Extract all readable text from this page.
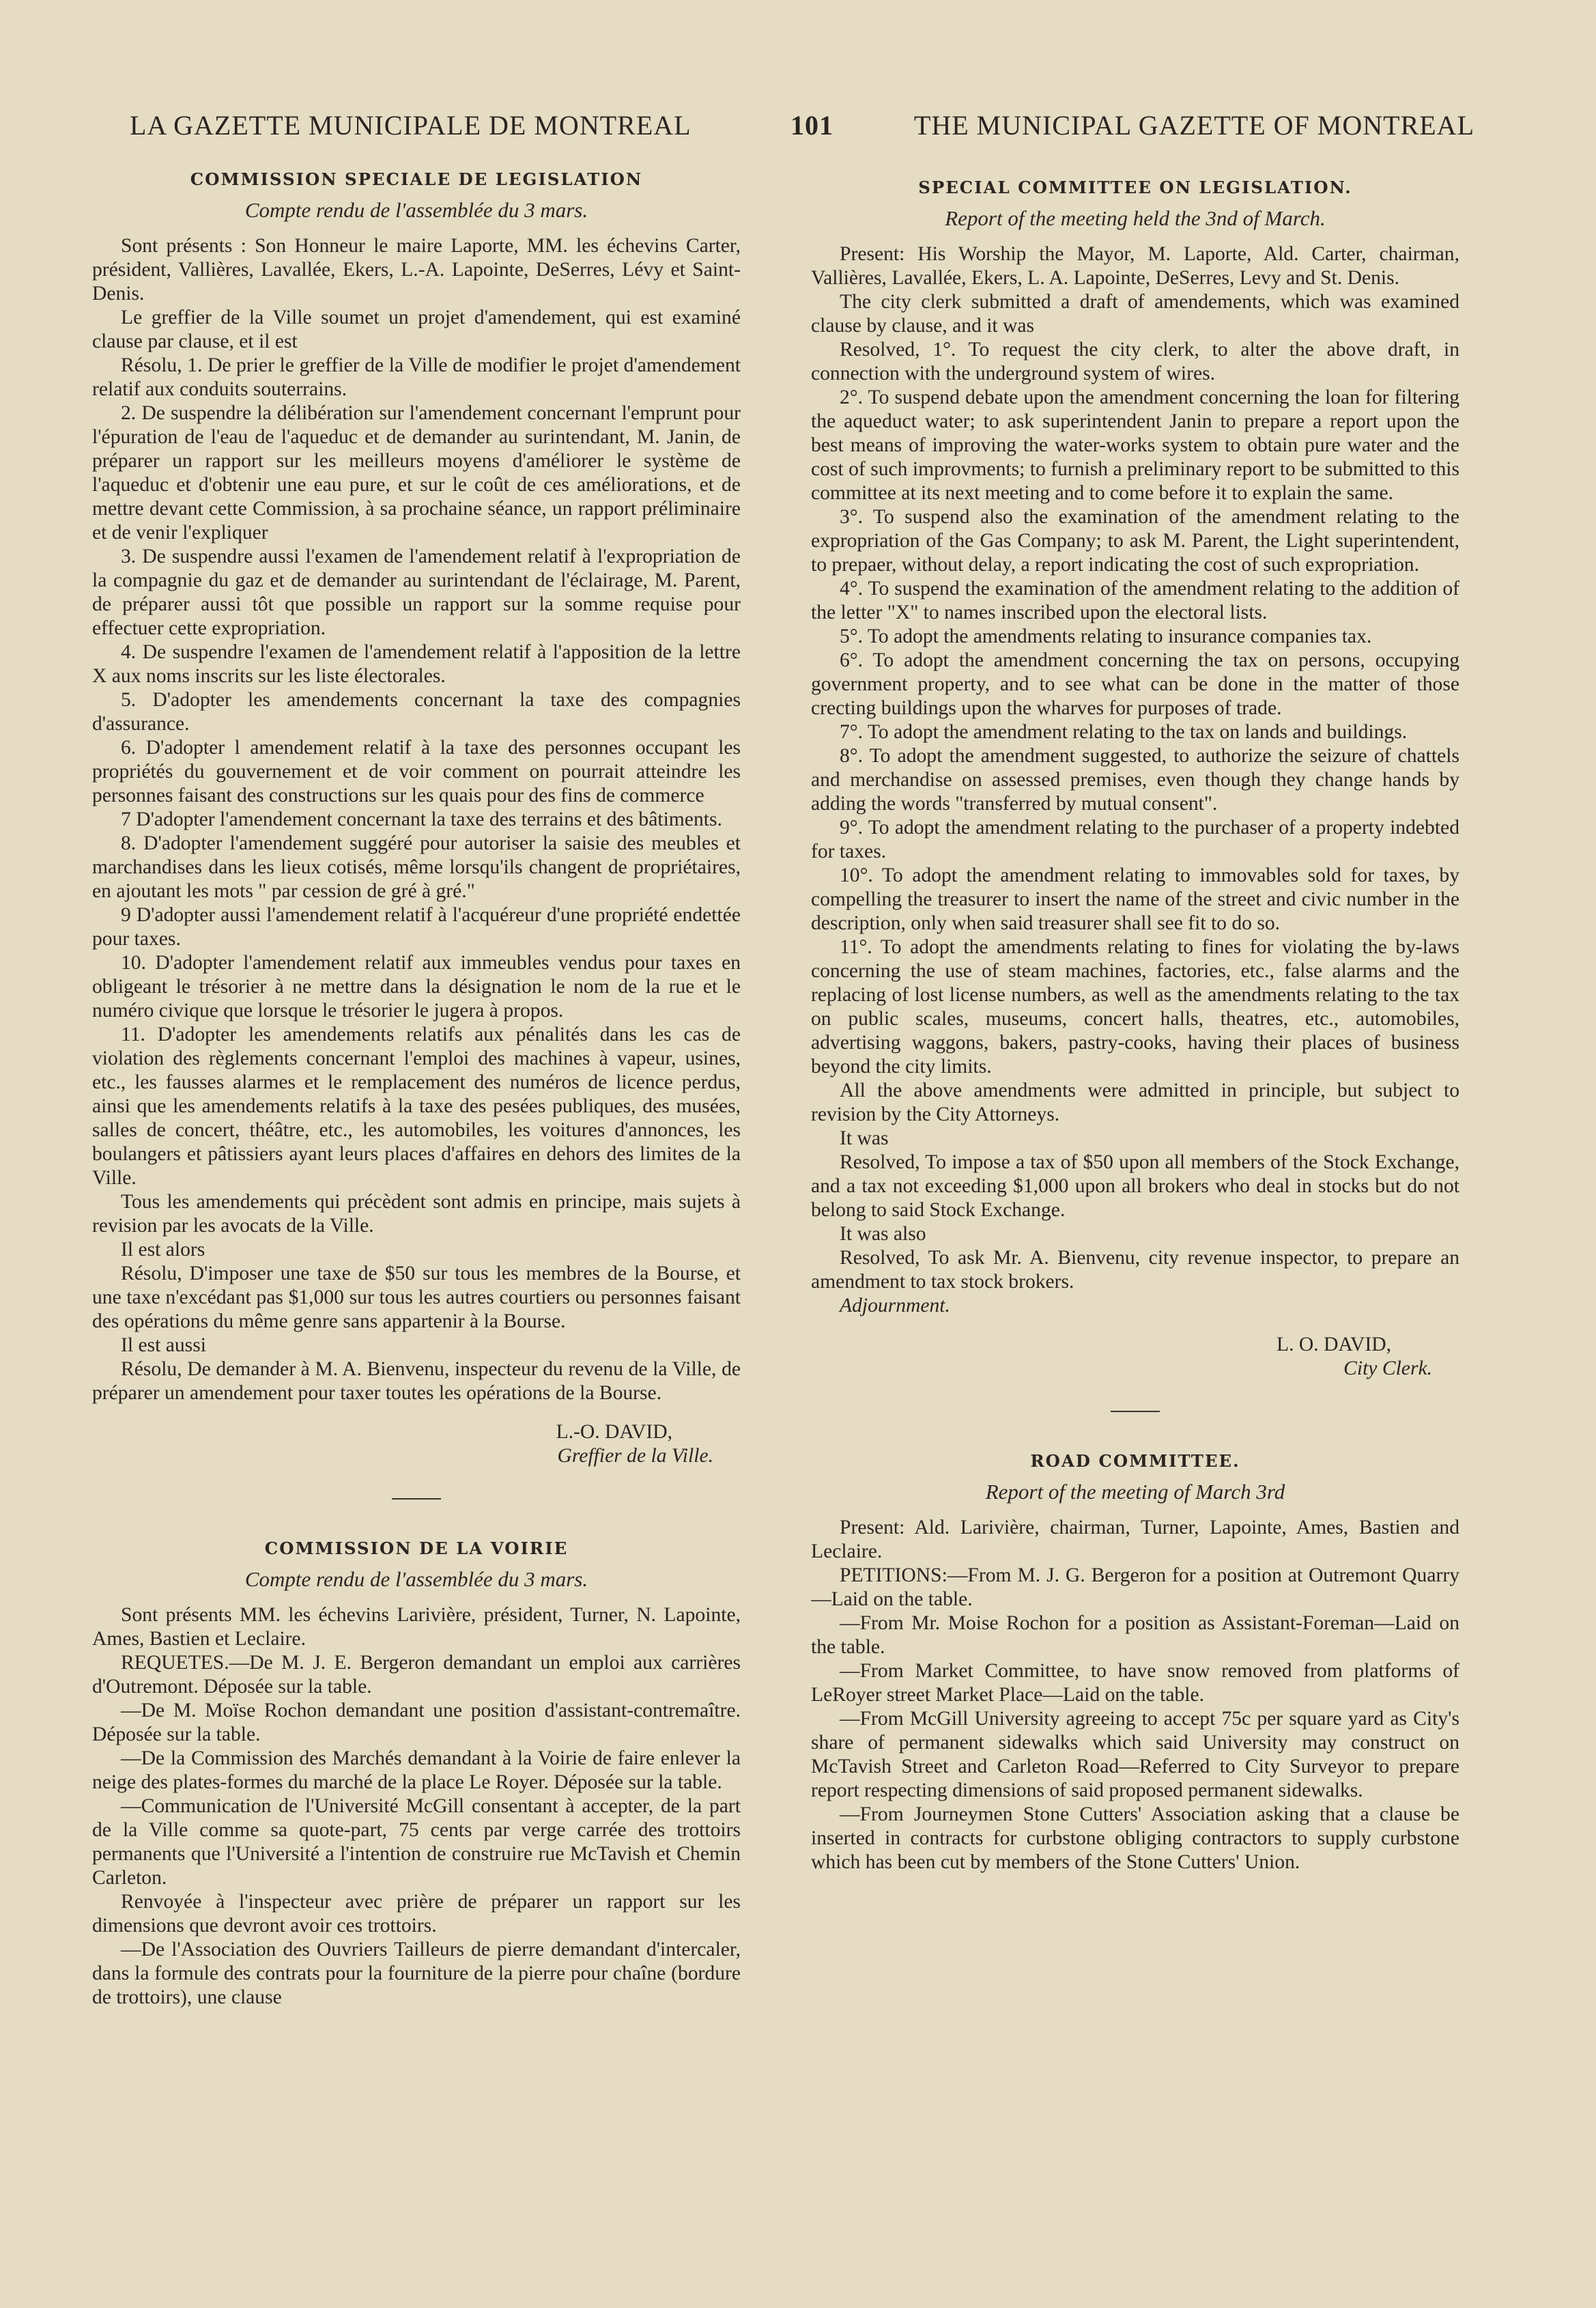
LA GAZETTE MUNICIPALE DE MONTREAL	101	THE MUNICIPAL GAZETTE OF MONTREAL
COMMISSION SPECIALE DE LEGISLATION
Compte rendu de l'assemblée du 3 mars.

Sont présents : Son Honneur le maire Laporte, MM. les échevins Carter, président, Vallières, Lavallée, Ekers, L.-A. Lapointe, DeSerres, Lévy et Saint-Denis.

Le greffier de la Ville soumet un projet d'amendement, qui est examiné clause par clause, et il est

Résolu, 1. De prier le greffier de la Ville de modifier le projet d'amendement relatif aux conduits souterrains.

2. De suspendre la délibération sur l'amendement concernant l'emprunt pour l'épuration de l'eau de l'aqueduc et de demander au surintendant, M. Janin, de préparer un rapport sur les meilleurs moyens d'améliorer le système de l'aqueduc et d'obtenir une eau pure, et sur le coût de ces améliorations, et de mettre devant cette Commission, à sa prochaine séance, un rapport préliminaire et de venir l'expliquer

3. De suspendre aussi l'examen de l'amendement relatif à l'expropriation de la compagnie du gaz et de demander au surintendant de l'éclairage, M. Parent, de préparer aussi tôt que possible un rapport sur la somme requise pour effectuer cette expropriation.

4. De suspendre l'examen de l'amendement relatif à l'apposition de la lettre X aux noms inscrits sur les liste électorales.

5. D'adopter les amendements concernant la taxe des compagnies d'assurance.

6. D'adopter l amendement relatif à la taxe des personnes occupant les propriétés du gouvernement et de voir comment on pourrait atteindre les personnes faisant des constructions sur les quais pour des fins de commerce

7 D'adopter l'amendement concernant la taxe des terrains et des bâtiments.

8. D'adopter l'amendement suggéré pour autoriser la saisie des meubles et marchandises dans les lieux cotisés, même lorsqu'ils changent de propriétaires, en ajoutant les mots " par cession de gré à gré."

9 D'adopter aussi l'amendement relatif à l'acquéreur d'une propriété endettée pour taxes.

10. D'adopter l'amendement relatif aux immeubles vendus pour taxes en obligeant le trésorier à ne mettre dans la désignation le nom de la rue et le numéro civique que lorsque le trésorier le jugera à propos.

11. D'adopter les amendements relatifs aux pénalités dans les cas de violation des règlements concernant l'emploi des machines à vapeur, usines, etc., les fausses alarmes et le remplacement des numéros de licence perdus, ainsi que les amendements relatifs à la taxe des pesées publiques, des musées, salles de concert, théâtre, etc., les automobiles, les voitures d'annonces, les boulangers et pâtissiers ayant leurs places d'affaires en dehors des limites de la Ville.

Tous les amendements qui précèdent sont admis en principe, mais sujets à revision par les avocats de la Ville.

Il est alors

Résolu, D'imposer une taxe de $50 sur tous les membres de la Bourse, et une taxe n'excédant pas $1,000 sur tous les autres courtiers ou personnes faisant des opérations du même genre sans appartenir à la Bourse.

Il est aussi

Résolu, De demander à M. A. Bienvenu, inspecteur du revenu de la Ville, de préparer un amendement pour taxer toutes les opérations de la Bourse.

L.-O. DAVID,
Greffier de la Ville.
COMMISSION DE LA VOIRIE
Compte rendu de l'assemblée du 3 mars.

Sont présents MM. les échevins Larivière, président, Turner, N. Lapointe, Ames, Bastien et Leclaire.

REQUETES.—De M. J. E. Bergeron demandant un emploi aux carrières d'Outremont. Déposée sur la table.

—De M. Moïse Rochon demandant une position d'assistant-contremaître. Déposée sur la table.

—De la Commission des Marchés demandant à la Voirie de faire enlever la neige des plates-formes du marché de la place Le Royer. Déposée sur la table.

—Communication de l'Université McGill consentant à accepter, de la part de la Ville comme sa quote-part, 75 cents par verge carrée des trottoirs permanents que l'Université a l'intention de construire rue McTavish et Chemin Carleton.

Renvoyée à l'inspecteur avec prière de préparer un rapport sur les dimensions que devront avoir ces trottoirs.

—De l'Association des Ouvriers Tailleurs de pierre demandant d'intercaler, dans la formule des contrats pour la fourniture de la pierre pour chaîne (bordure de trottoirs), une clause

SPECIAL COMMITTEE ON LEGISLATION.
Report of the meeting held the 3nd of March.

Present: His Worship the Mayor, M. Laporte, Ald. Carter, chairman, Vallières, Lavallée, Ekers, L. A. Lapointe, DeSerres, Levy and St. Denis.

The city clerk submitted a draft of amendements, which was examined clause by clause, and it was

Resolved, 1°. To request the city clerk, to alter the above draft, in connection with the underground system of wires.

2°. To suspend debate upon the amendment concerning the loan for filtering the aqueduct water; to ask superintendent Janin to prepare a report upon the best means of improving the water-works system to obtain pure water and the cost of such improvments; to furnish a preliminary report to be submitted to this committee at its next meeting and to come before it to explain the same.

3°. To suspend also the examination of the amendment relating to the expropriation of the Gas Company; to ask M. Parent, the Light superintendent, to prepaer, without delay, a report indicating the cost of such expropriation.

4°. To suspend the examination of the amendment relating to the addition of the letter "X" to names inscribed upon the electoral lists.

5°. To adopt the amendments relating to insurance companies tax.

6°. To adopt the amendment concerning the tax on persons, occupying government property, and to see what can be done in the matter of those crecting buildings upon the wharves for purposes of trade.

7°. To adopt the amendment relating to the tax on lands and buildings.

8°. To adopt the amendment suggested, to authorize the seizure of chattels and merchandise on assessed premises, even though they change hands by adding the words "transferred by mutual consent".

9°. To adopt the amendment relating to the purchaser of a property indebted for taxes.

10°. To adopt the amendment relating to immovables sold for taxes, by compelling the treasurer to insert the name of the street and civic number in the description, only when said treasurer shall see fit to do so.

11°. To adopt the amendments relating to fines for violating the by-laws concerning the use of steam machines, factories, etc., false alarms and the replacing of lost license numbers, as well as the amendments relating to the tax on public scales, museums, concert halls, theatres, etc., automobiles, advertising waggons, bakers, pastry-cooks, having their places of business beyond the city limits.

All the above amendments were admitted in principle, but subject to revision by the City Attorneys.

It was

Resolved, To impose a tax of $50 upon all members of the Stock Exchange, and a tax not exceeding $1,000 upon all brokers who deal in stocks but do not belong to said Stock Exchange.

It was also

Resolved, To ask Mr. A. Bienvenu, city revenue inspector, to prepare an amendment to tax stock brokers.

Adjournment.

L. O. DAVID,
City Clerk.
ROAD COMMITTEE.
Report of the meeting of March 3rd

Present: Ald. Larivière, chairman, Turner, Lapointe, Ames, Bastien and Leclaire.

PETITIONS:—From M. J. G. Bergeron for a position at Outremont Quarry—Laid on the table.

—From Mr. Moise Rochon for a position as Assistant-Foreman—Laid on the table.

—From Market Committee, to have snow removed from platforms of LeRoyer street Market Place—Laid on the table.

—From McGill University agreeing to accept 75c per square yard as City's share of permanent sidewalks which said University may construct on McTavish Street and Carleton Road—Referred to City Surveyor to prepare report respecting dimensions of said proposed permanent sidewalks.

—From Journeymen Stone Cutters' Association asking that a clause be inserted in contracts for curbstone obliging contractors to supply curbstone which has been cut by members of the Stone Cutters' Union.
